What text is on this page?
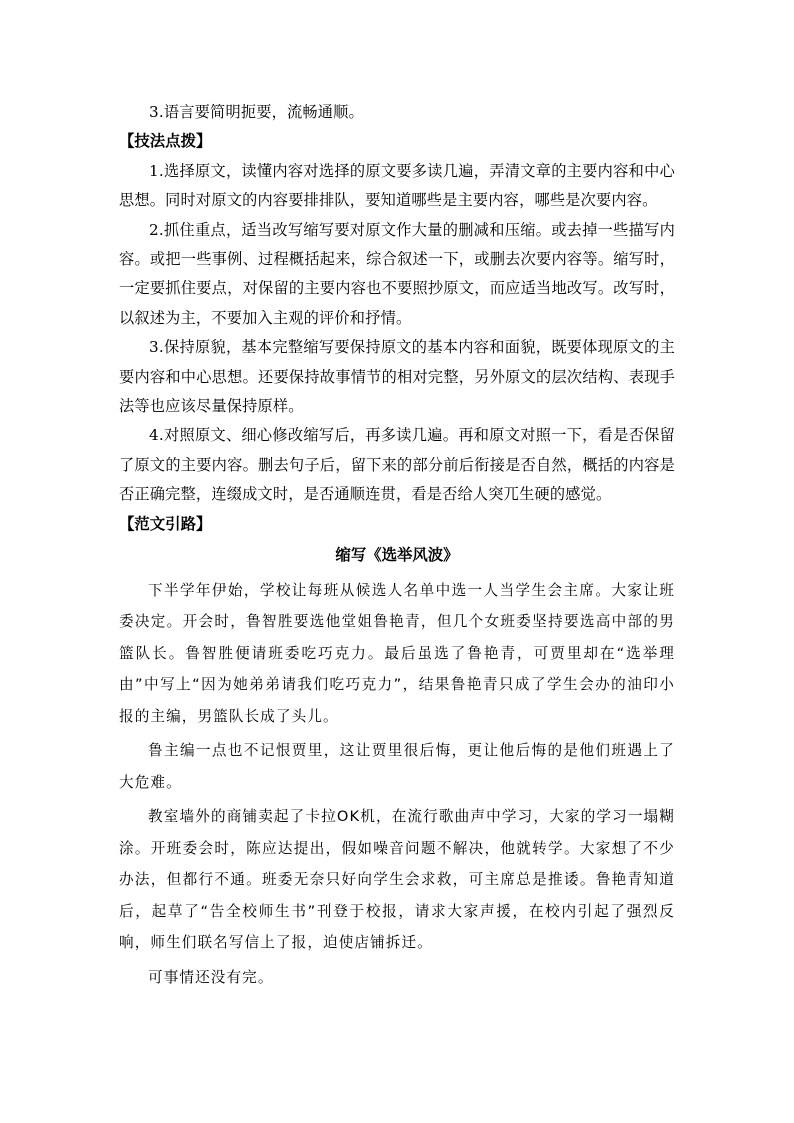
3.语言要简明扼要，流畅通顺。

【技法点拨】

1.选择原文，读懂内容对选择的原文要多读几遍，弄清文章的主要内容和中心思想。同时对原文的内容要排排队，要知道哪些是主要内容，哪些是次要内容。

2.抓住重点，适当改写缩写要对原文作大量的删减和压缩。或去掉一些描写内容。或把一些事例、过程概括起来，综合叙述一下，或删去次要内容等。缩写时，一定要抓住要点，对保留的主要内容也不要照抄原文，而应适当地改写。改写时，以叙述为主，不要加入主观的评价和抒情。

3.保持原貌，基本完整缩写要保持原文的基本内容和面貌，既要体现原文的主要内容和中心思想。还要保持故事情节的相对完整，另外原文的层次结构、表现手法等也应该尽量保持原样。

4.对照原文、细心修改缩写后，再多读几遍。再和原文对照一下，看是否保留了原文的主要内容。删去句子后，留下来的部分前后衔接是否自然，概括的内容是否正确完整，连缀成文时，是否通顺连贯，看是否给人突兀生硬的感觉。

【范文引路】

缩写《选举风波》

下半学年伊始，学校让每班从候选人名单中选一人当学生会主席。大家让班委决定。开会时，鲁智胜要选他堂姐鲁艳青，但几个女班委坚持要选高中部的男篮队长。鲁智胜便请班委吃巧克力。最后虽选了鲁艳青，可贾里却在“选举理由”中写上“因为她弟弟请我们吃巧克力”，结果鲁艳青只成了学生会办的油印小报的主编，男篮队长成了头儿。

鲁主编一点也不记恨贾里，这让贾里很后悔，更让他后悔的是他们班遇上了大危难。

教室墙外的商铺卖起了卡拉OK机，在流行歌曲声中学习，大家的学习一塌糊涂。开班委会时，陈应达提出，假如噪音问题不解决，他就转学。大家想了不少办法，但都行不通。班委无奈只好向学生会求救，可主席总是推诿。鲁艳青知道后，起草了“告全校师生书”刊登于校报，请求大家声援，在校内引起了强烈反响，师生们联名写信上了报，迫使店铺拆迁。

可事情还没有完。
